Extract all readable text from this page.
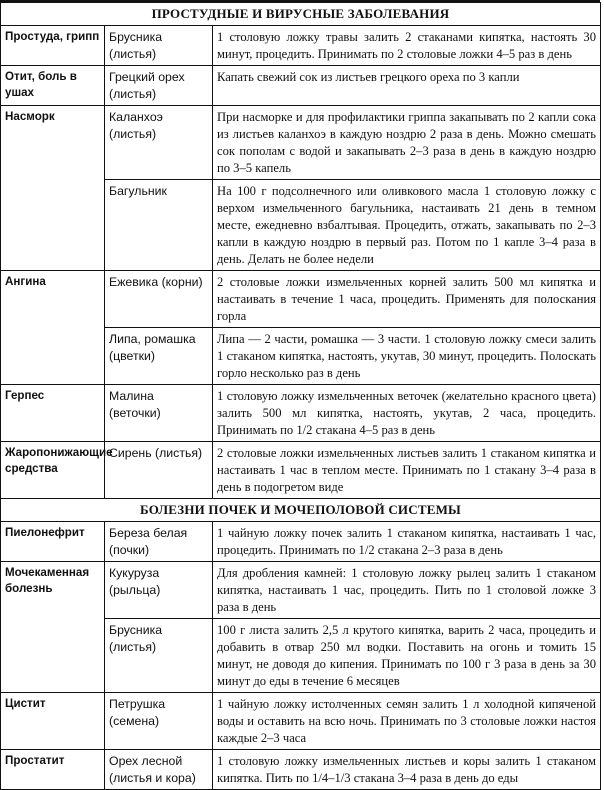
ПРОСТУДНЫЕ И ВИРУСНЫЕ ЗАБОЛЕВАНИЯ		
Простуда, грипп	Брусника (листья)	1 столовую ложку травы залить 2 стаканами кипятка, настоять 30 минут, процедить. Принимать по 2 столовые ложки 4–5 раз в день
Отит, боль в ушах	Грецкий орех (листья)	Капать свежий сок из листьев грецкого ореха по 3 капли
Насморк	Каланхоэ (листья)	При насморке и для профилактики гриппа закапывать по 2 капли сока из листьев каланхоэ в каждую ноздрю 2 раза в день. Можно смешать сок пополам с водой и закапывать 2–3 раза в день в каждую ноздрю по 3–5 капель
	Багульник	На 100 г подсолнечного или оливкового масла 1 столовую ложку с верхом измельченного багульника, настаивать 21 день в темном месте, ежедневно взбалтывая. Процедить, отжать, закапывать по 2–3 капли в каждую ноздрю в первый раз. Потом по 1 капле 3–4 раза в день. Делать не более недели
Ангина	Ежевика (корни)	2 столовые ложки измельченных корней залить 500 мл кипятка и настаивать в течение 1 часа, процедить. Применять для полоскания горла
	Липа, ромашка (цветки)	Липа — 2 части, ромашка — 3 части. 1 столовую ложку смеси залить 1 стаканом кипятка, настоять, укутав, 30 минут, процедить. Полоскать горло несколько раз в день
Герпес	Малина (веточки)	1 столовую ложку измельченных веточек (желательно красного цвета) залить 500 мл кипятка, настоять, укутав, 2 часа, процедить. Принимать по 1/2 стакана 4–5 раз в день
Жаропонижающие средства	Сирень (листья)	2 столовые ложки измельченных листьев залить 1 стаканом кипятка и настаивать 1 час в теплом месте. Принимать по 1 стакану 3–4 раза в день в подогретом виде
БОЛЕЗНИ ПОЧЕК И МОЧЕПОЛОВОЙ СИСТЕМЫ		
Пиелонефрит	Береза белая (почки)	1 чайную ложку почек залить 1 стаканом кипятка, настаивать 1 час, процедить. Принимать по 1/2 стакана 2–3 раза в день
Мочекаменная болезнь	Кукуруза (рыльца)	Для дробления камней: 1 столовую ложку рылец залить 1 стаканом кипятка, настаивать 1 час, процедить. Пить по 1 столовой ложке 3 раза в день
	Брусника (листья)	100 г листа залить 2,5 л крутого кипятка, варить 2 часа, процедить и добавить в отвар 250 мл водки. Поставить на огонь и томить 15 минут, не доводя до кипения. Принимать по 100 г 3 раза в день за 30 минут до еды в течение 6 месяцев
Цистит	Петрушка (семена)	1 чайную ложку истолченных семян залить 1 л холодной кипяченой воды и оставить на всю ночь. Принимать по 3 столовые ложки настоя каждые 2–3 часа
Простатит	Орех лесной (листья и кора)	1 столовую ложку измельченных листьев и коры залить 1 стаканом кипятка. Пить по 1/4–1/3 стакана 3–4 раза в день до еды
